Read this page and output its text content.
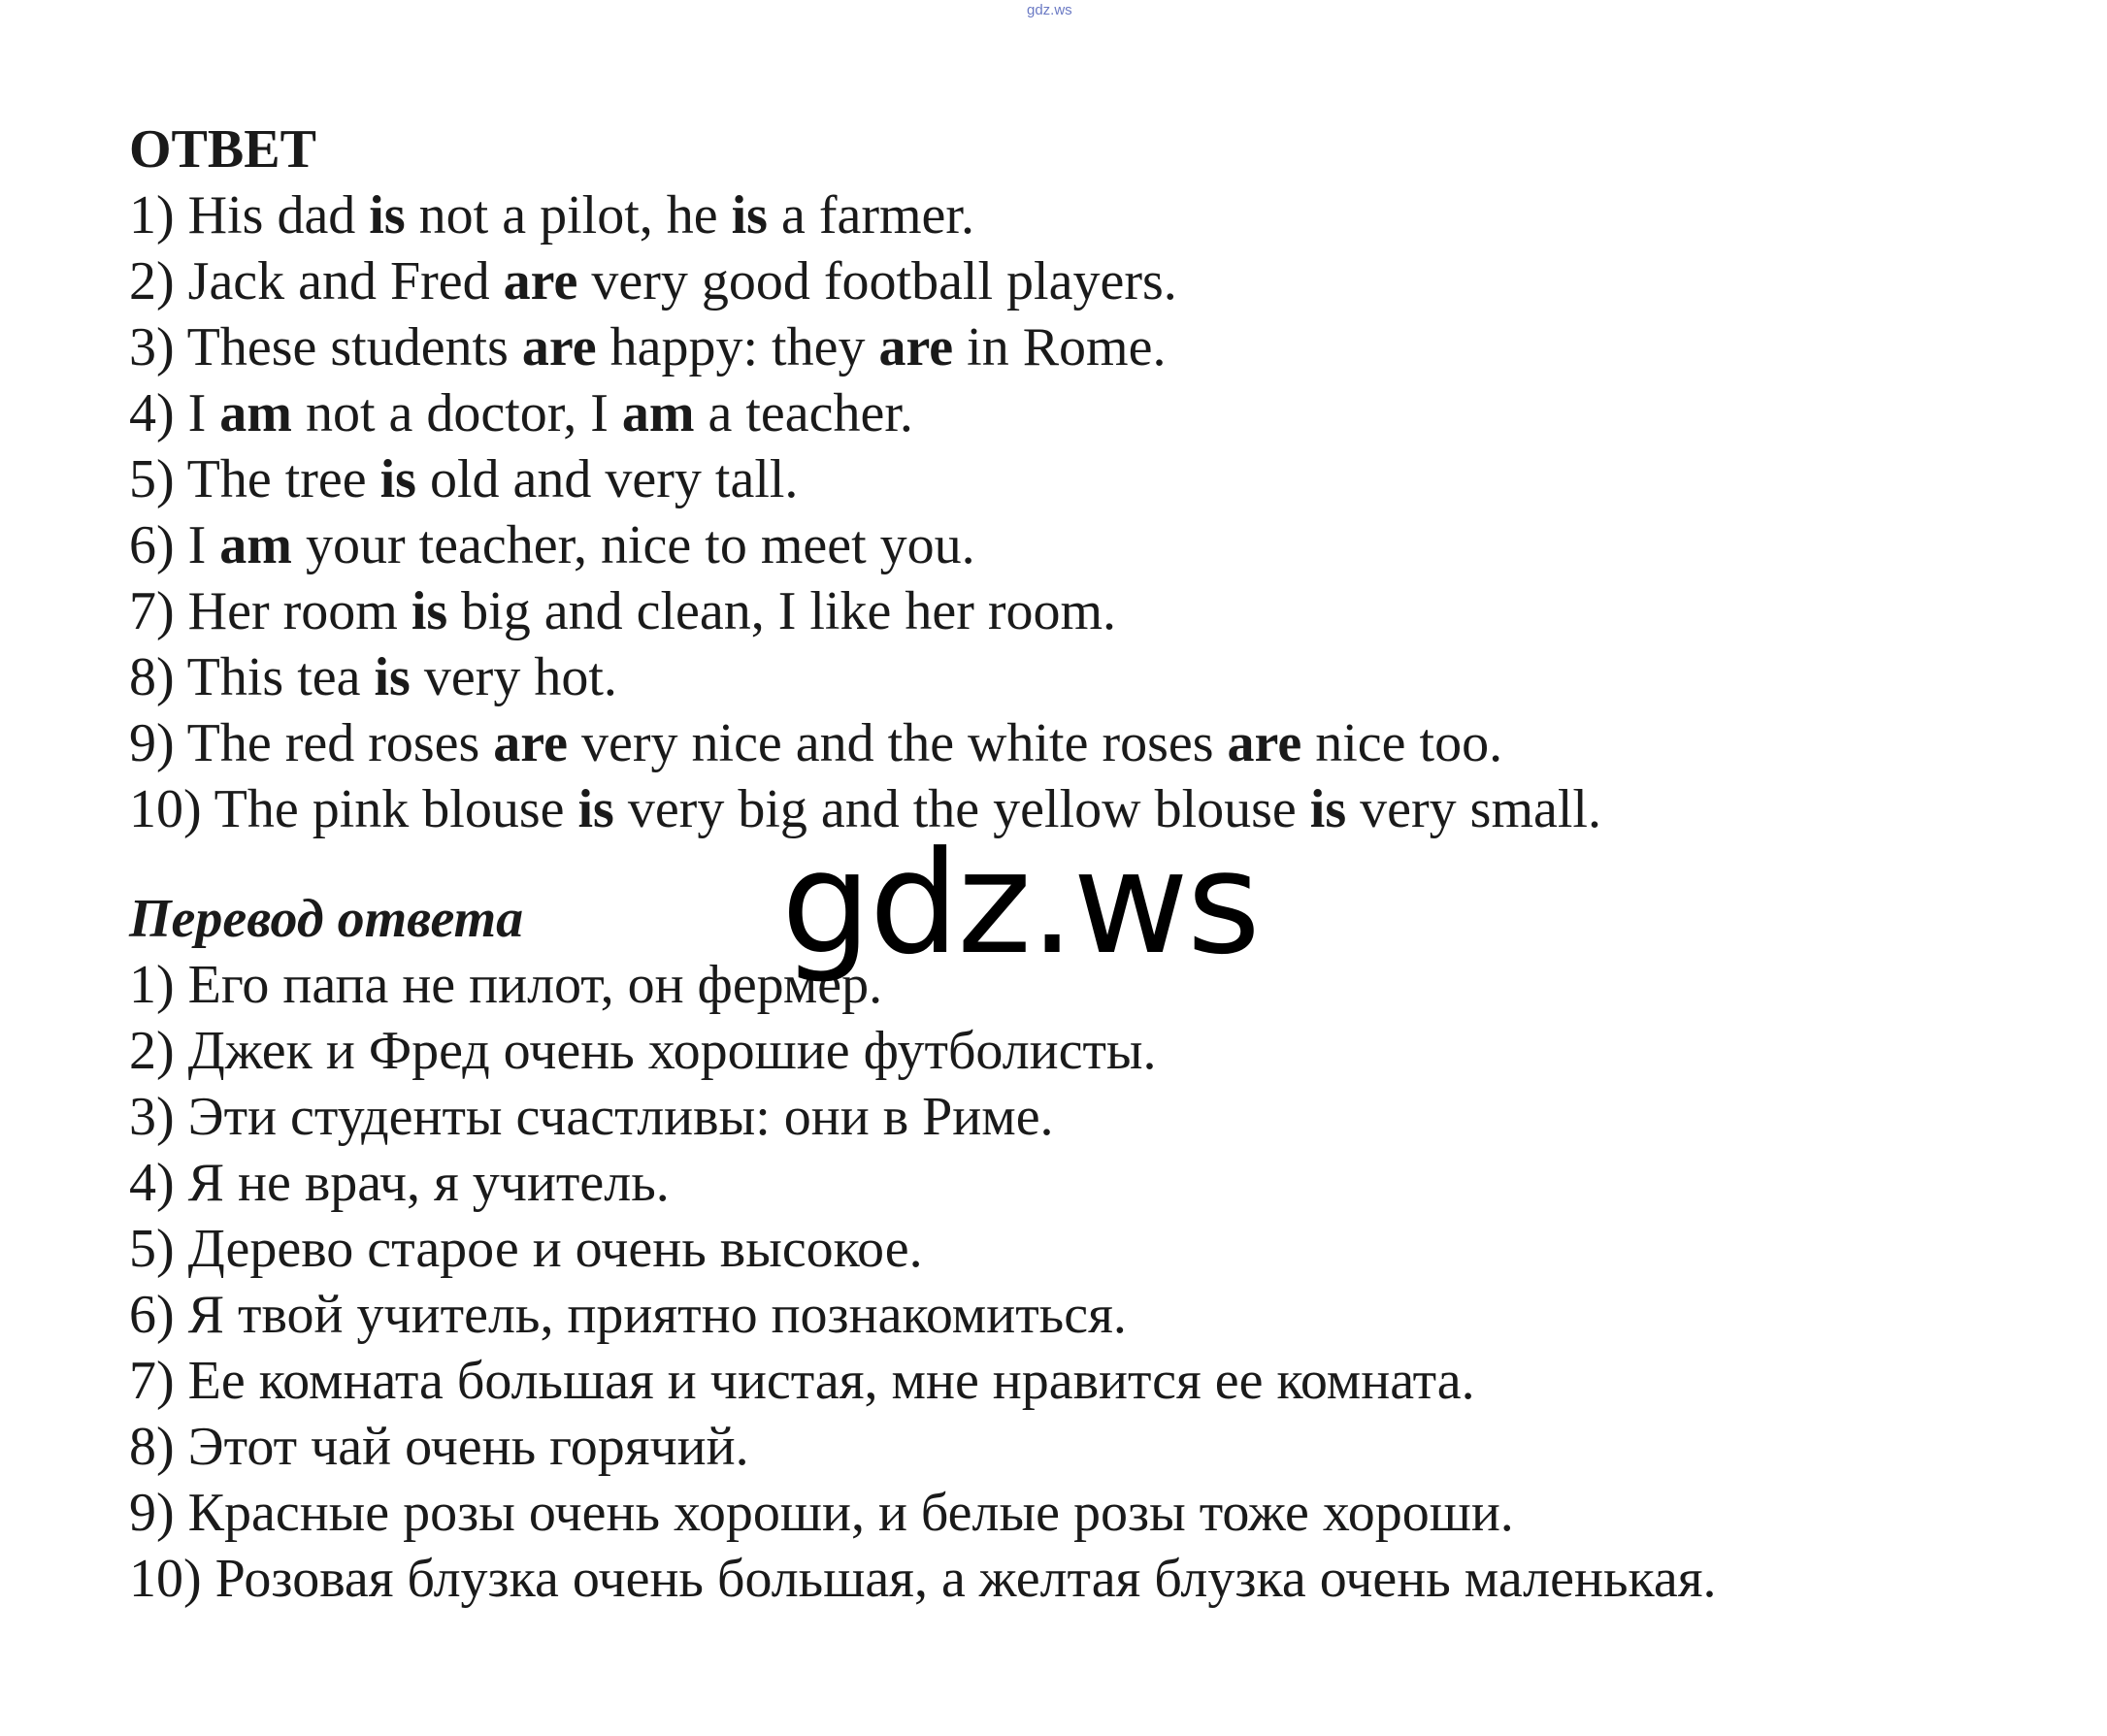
gdz.ws
ОТВЕТ
1) His dad is not a pilot, he is a farmer.
2) Jack and Fred are very good football players.
3) These students are happy: they are in Rome.
4) I am not a doctor, I am a teacher.
5) The tree is old and very tall.
6) I am your teacher, nice to meet you.
7) Her room is big and clean, I like her room.
8) This tea is very hot.
9) The red roses are very nice and the white roses are nice too.
10) The pink blouse is very big and the yellow blouse is very small.
Перевод ответа
1) Его папа не пилот, он фермер.
2) Джек и Фред очень хорошие футболисты.
3) Эти студенты счастливы: они в Риме.
4) Я не врач, я учитель.
5) Дерево старое и очень высокое.
6) Я твой учитель, приятно познакомиться.
7) Ее комната большая и чистая, мне нравится ее комната.
8) Этот чай очень горячий.
9) Красные розы очень хороши, и белые розы тоже хороши.
10) Розовая блузка очень большая, а желтая блузка очень маленькая.
gdz.ws
